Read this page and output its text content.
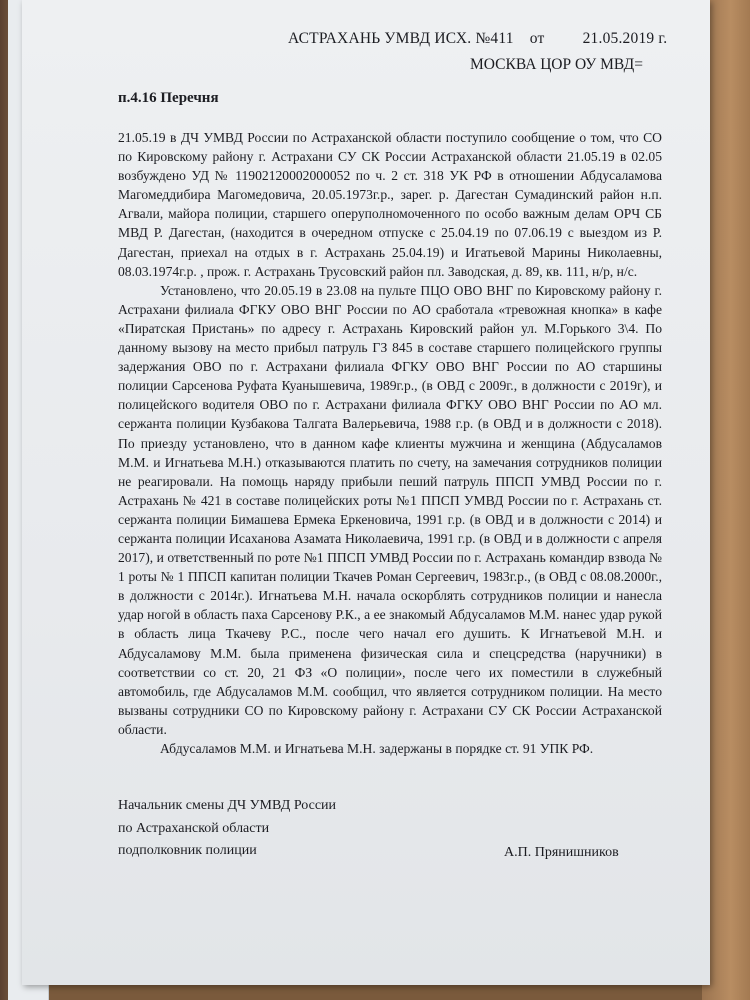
АСТРАХАНЬ УМВД ИСХ. №411 от 21.05.2019 г.
МОСКВА ЦОР ОУ МВД=
п.4.16 Перечня

21.05.19 в ДЧ УМВД России по Астраханской области поступило сообщение о том, что СО по Кировскому району г. Астрахани СУ СК России Астраханской области 21.05.19 в 02.05 возбуждено УД № 11902120002000052 по ч. 2 ст. 318 УК РФ в отношении Абдусаламова Магомеддибира Магомедовича, 20.05.1973г.р., зарег. р. Дагестан Сумадинский район н.п. Агвали, майора полиции, старшего оперуполномоченного по особо важным делам ОРЧ СБ МВД Р. Дагестан, (находится в очередном отпуске с 25.04.19 по 07.06.19 с выездом из Р. Дагестан, приехал на отдых в г. Астрахань 25.04.19) и Игатьевой Марины Николаевны, 08.03.1974г.р. , прож. г. Астрахань Трусовский район пл. Заводская, д. 89, кв. 111, н/р, н/с.

Установлено, что 20.05.19 в 23.08 на пульте ПЦО ОВО ВНГ по Кировскому району г. Астрахани филиала ФГКУ ОВО ВНГ России по АО сработала «тревожная кнопка» в кафе «Пиратская Пристань» по адресу г. Астрахань Кировский район ул. М.Горького 3\4. По данному вызову на место прибыл патруль ГЗ 845 в составе старшего полицейского группы задержания ОВО по г. Астрахани филиала ФГКУ ОВО ВНГ России по АО старшины полиции Сарсенова Руфата Куанышевича, 1989г.р., (в ОВД с 2009г., в должности с 2019г), и полицейского водителя ОВО по г. Астрахани филиала ФГКУ ОВО ВНГ России по АО мл. сержанта полиции Кузбакова Талгата Валерьевича, 1988 г.р. (в ОВД и в должности с 2018). По приезду установлено, что в данном кафе клиенты мужчина и женщина (Абдусаламов М.М. и Игнатьева М.Н.) отказываются платить по счету, на замечания сотрудников полиции не реагировали. На помощь наряду прибыли пеший патруль ППСП УМВД России по г. Астрахань № 421 в составе полицейских роты №1 ППСП УМВД России по г. Астрахань ст. сержанта полиции Бимашева Ермека Еркеновича, 1991 г.р. (в ОВД и в должности с 2014) и сержанта полиции Исаханова Азамата Николаевича, 1991 г.р. (в ОВД и в должности с апреля 2017), и ответственный по роте №1 ППСП УМВД России по г. Астрахань командир взвода № 1 роты № 1 ППСП капитан полиции Ткачев Роман Сергеевич, 1983г.р., (в ОВД с 08.08.2000г., в должности с 2014г.). Игнатьева М.Н. начала оскорблять сотрудников полиции и нанесла удар ногой в область паха Сарсенову Р.К., а ее знакомый Абдусаламов М.М. нанес удар рукой в область лица Ткачеву Р.С., после чего начал его душить. К Игнатьевой М.Н. и Абдусаламову М.М. была применена физическая сила и спецсредства (наручники) в соответствии со ст. 20, 21 ФЗ «О полиции», после чего их поместили в служебный автомобиль, где Абдусаламов М.М. сообщил, что является сотрудником полиции. На место вызваны сотрудники СО по Кировскому району г. Астрахани СУ СК России Астраханской области.

Абдусаламов М.М. и Игнатьева М.Н. задержаны в порядке ст. 91 УПК РФ.

Начальник смены ДЧ УМВД России
по Астраханской области
подполковник полиции	А.П. Прянишников
